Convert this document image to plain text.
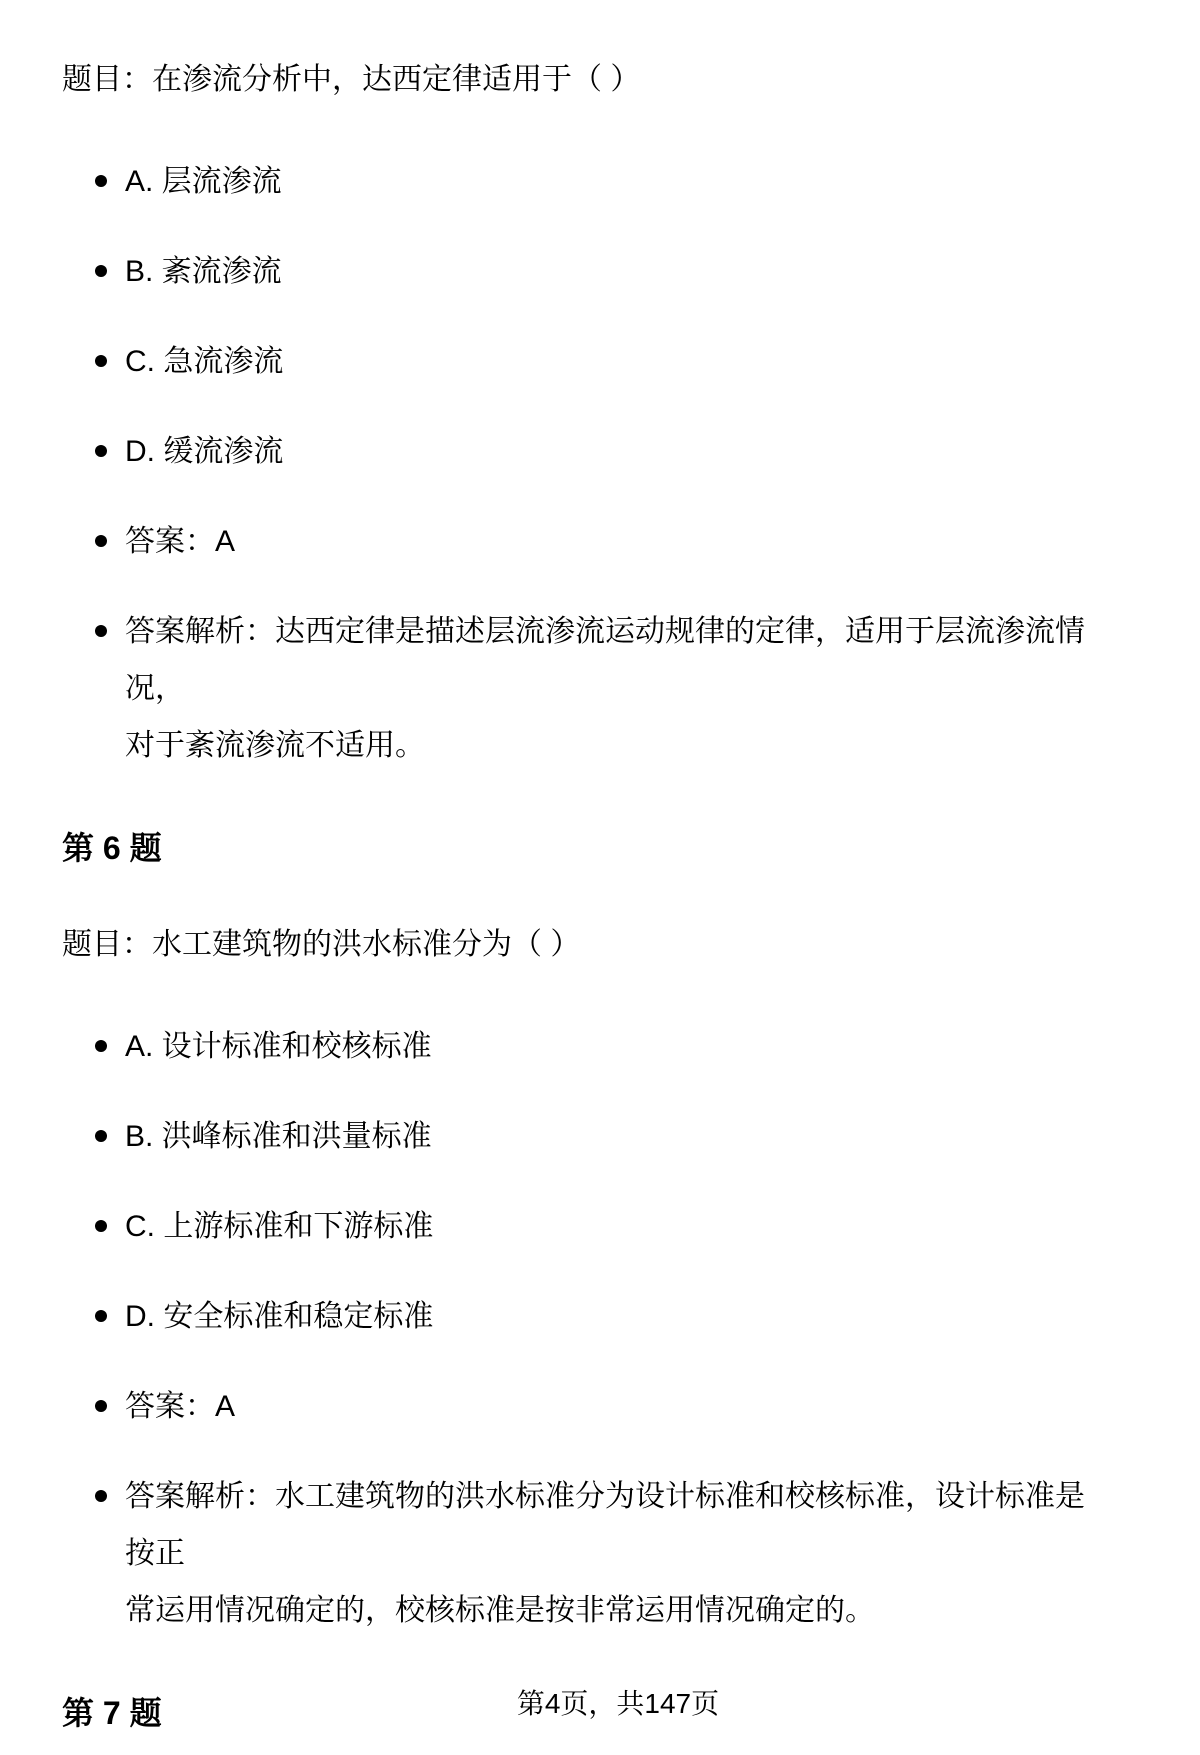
题目：在渗流分析中，达西定律适用于（ ）

A. 层流渗流
B. 紊流渗流
C. 急流渗流
D. 缓流渗流
答案：A
答案解析：达西定律是描述层流渗流运动规律的定律，适用于层流渗流情况，
对于紊流渗流不适用。
第 6 题

题目：水工建筑物的洪水标准分为（ ）

A. 设计标准和校核标准
B. 洪峰标准和洪量标准
C. 上游标准和下游标准
D. 安全标准和稳定标准
答案：A
答案解析：水工建筑物的洪水标准分为设计标准和校核标准，设计标准是按正
常运用情况确定的，校核标准是按非常运用情况确定的。
第 7 题	第4页，共147页
